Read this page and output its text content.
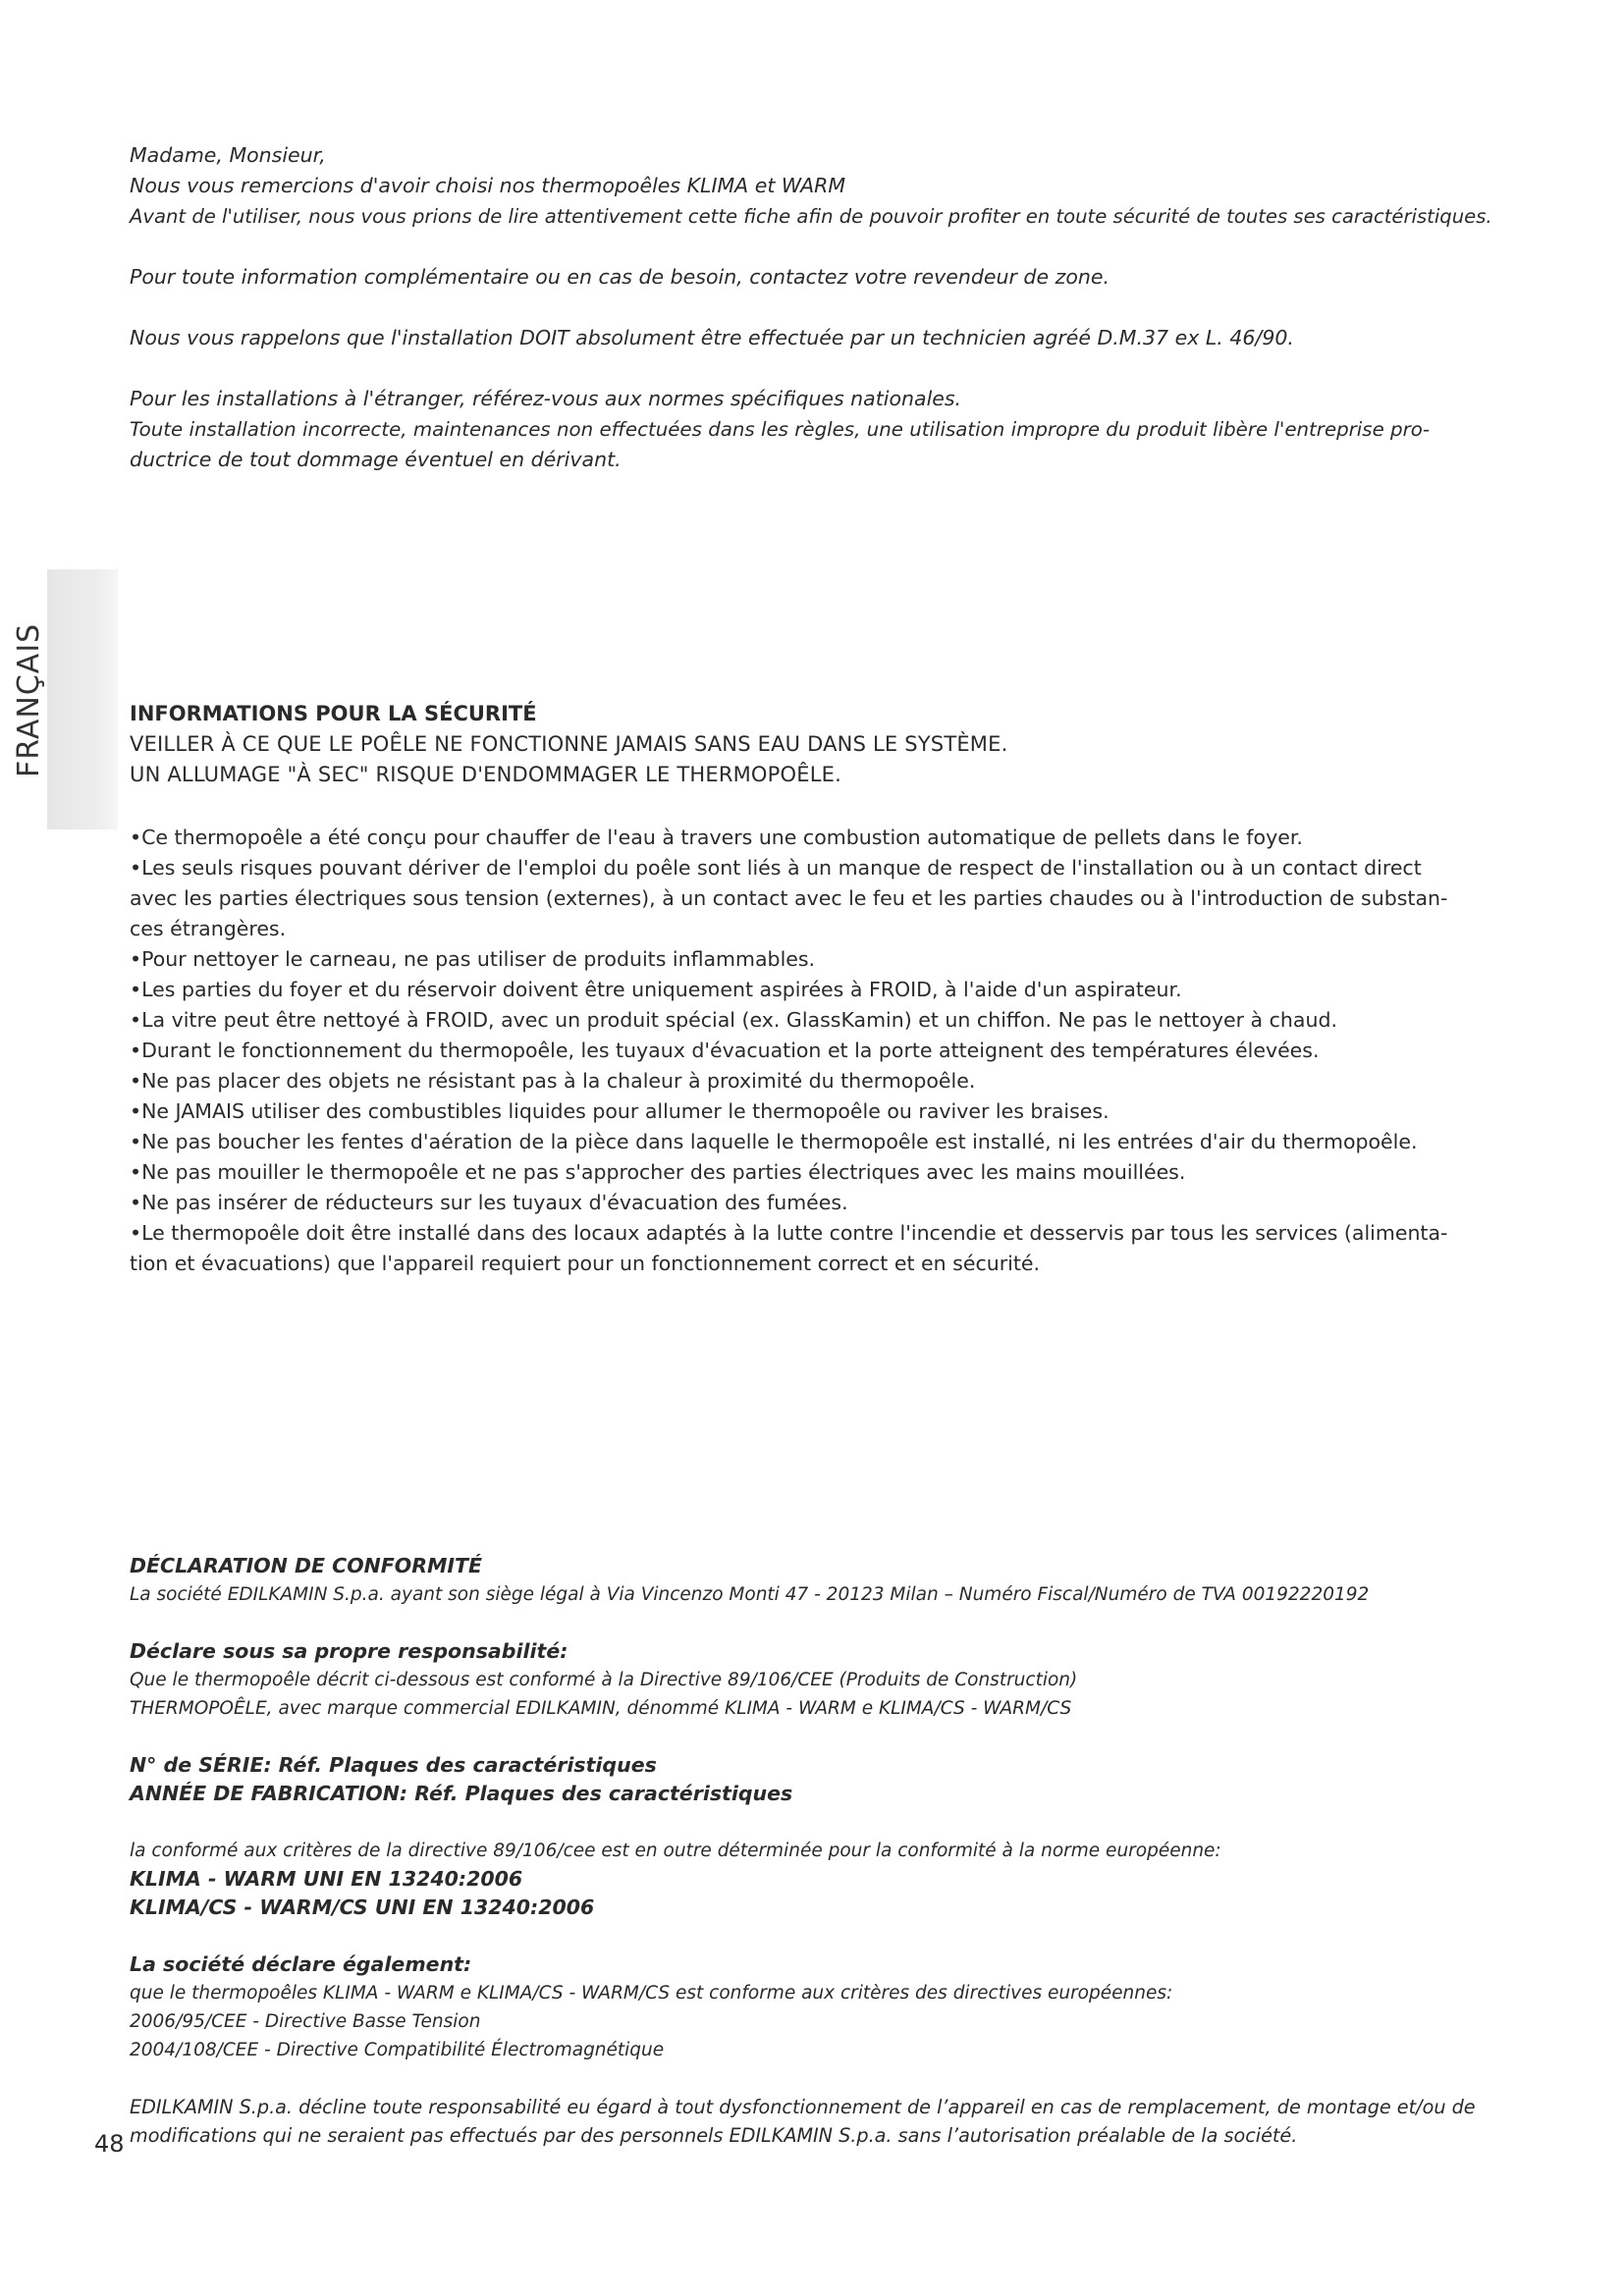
Madame, Monsieur,

Nous vous remercions d'avoir choisi nos thermopoêles KLIMA et WARM

Avant de l'utiliser, nous vous prions de lire attentivement cette fiche afin de pouvoir profiter en toute sécurité de toutes ses caractéristiques.

Pour toute information complémentaire ou en cas de besoin, contactez votre revendeur de zone.

Nous vous rappelons que l'installation DOIT absolument être effectuée par un technicien agréé D.M.37 ex L. 46/90.

Pour les installations à l'étranger, référez-vous aux normes spécifiques nationales.

Toute installation incorrecte, maintenances non effectuées dans les règles, une utilisation impropre du produit libère l'entreprise pro-

ductrice de tout dommage éventuel en dérivant.

FRANÇAIS	INFORMATIONS POUR LA SÉCURITÉ
VEILLER À CE QUE LE POÊLE NE FONCTIONNE JAMAIS SANS EAU DANS LE SYSTÈME.
UN ALLUMAGE "À SEC" RISQUE D'ENDOMMAGER LE THERMOPOÊLE.
• Ce thermopoêle a été conçu pour chauffer de l'eau à travers une combustion automatique de pellets dans le foyer.
• Les seuls risques pouvant dériver de l'emploi du poêle sont liés à un manque de respect de l'installation ou à un contact direct
avec les parties électriques sous tension (externes), à un contact avec le feu et les parties chaudes ou à l'introduction de substan-
ces étrangères.
• Pour nettoyer le carneau, ne pas utiliser de produits inflammables.
• Les parties du foyer et du réservoir doivent être uniquement aspirées à FROID, à l'aide d'un aspirateur.
• La vitre peut être nettoyé à FROID, avec un produit spécial (ex. GlassKamin) et un chiffon. Ne pas le nettoyer à chaud.
• Durant le fonctionnement du thermopoêle, les tuyaux d'évacuation et la porte atteignent des températures élevées.
• Ne pas placer des objets ne résistant pas à la chaleur à proximité du thermopoêle.
• Ne JAMAIS utiliser des combustibles liquides pour allumer le thermopoêle ou raviver les braises.
• Ne pas boucher les fentes d'aération de la pièce dans laquelle le thermopoêle est installé, ni les entrées d'air du thermopoêle.
• Ne pas mouiller le thermopoêle et ne pas s'approcher des parties électriques avec les mains mouillées.
• Ne pas insérer de réducteurs sur les tuyaux d'évacuation des fumées.
• Le thermopoêle doit être installé dans des locaux adaptés à la lutte contre l'incendie et desservis par tous les services (alimenta-
tion et évacuations) que l'appareil requiert pour un fonctionnement correct et en sécurité.
DÉCLARATION DE CONFORMITÉ
La société EDILKAMIN S.p.a. ayant son siège légal à Via Vincenzo Monti 47 - 20123 Milan – Numéro Fiscal/Numéro de TVA 00192220192
Déclare sous sa propre responsabilité:
Que le thermopoêle décrit ci-dessous est conformé à la Directive 89/106/CEE (Produits de Construction)
THERMOPOÊLE, avec marque commercial EDILKAMIN, dénommé KLIMA - WARM e KLIMA/CS - WARM/CS
N° de SÉRIE: Réf. Plaques des caractéristiques
ANNÉE DE FABRICATION: Réf. Plaques des caractéristiques
la conformé aux critères de la directive 89/106/cee est en outre déterminée pour la conformité à la norme européenne:
KLIMA - WARM UNI EN 13240:2006
KLIMA/CS - WARM/CS UNI EN 13240:2006
La société déclare également:
que le thermopoêles KLIMA - WARM e KLIMA/CS - WARM/CS est conforme aux critères des directives européennes:
2006/95/CEE - Directive Basse Tension
2004/108/CEE - Directive Compatibilité Électromagnétique
EDILKAMIN S.p.a. décline toute responsabilité eu égard à tout dysfonctionnement de l’appareil en cas de remplacement, de montage et/ou de
modifications qui ne seraient pas effectués par des personnels EDILKAMIN S.p.a. sans l’autorisation préalable de la société.
48
